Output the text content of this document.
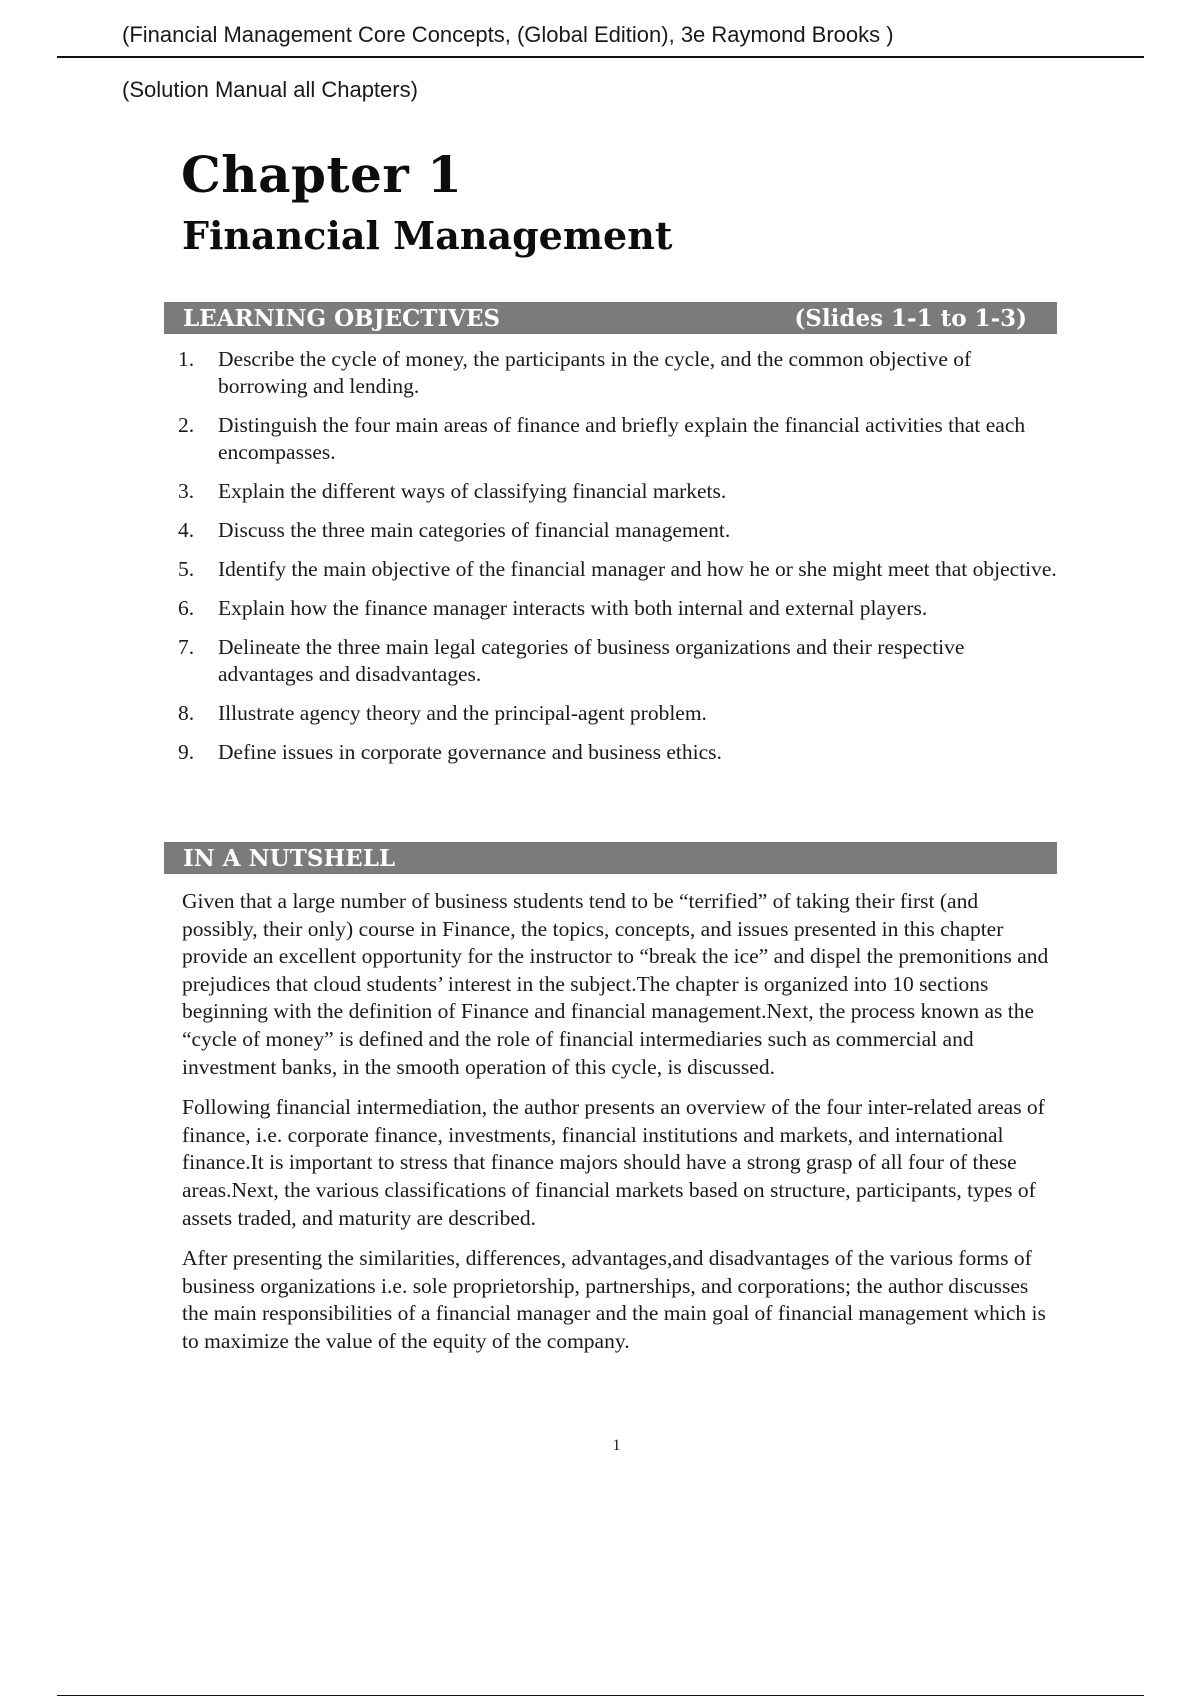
(Financial Management Core Concepts, (Global Edition), 3e Raymond Brooks )
(Solution Manual all Chapters)
Chapter 1
Financial Management
LEARNING OBJECTIVES	(Slides 1-1 to 1-3)
1.	Describe the cycle of money, the participants in the cycle, and the common objective of borrowing and lending.
2.	Distinguish the four main areas of finance and briefly explain the financial activities that each encompasses.
3.	Explain the different ways of classifying financial markets.
4.	Discuss the three main categories of financial management.
5.	Identify the main objective of the financial manager and how he or she might meet that objective.
6.	Explain how the finance manager interacts with both internal and external players.
7.	Delineate the three main legal categories of business organizations and their respective advantages and disadvantages.
8.	Illustrate agency theory and the principal-agent problem.
9.	Define issues in corporate governance and business ethics.
IN A NUTSHELL

Given that a large number of business students tend to be “terrified” of taking their first (and possibly, their only) course in Finance, the topics, concepts, and issues presented in this chapter provide an excellent opportunity for the instructor to “break the ice” and dispel the premonitions and prejudices that cloud students’ interest in the subject.The chapter is organized into 10 sections beginning with the definition of Finance and financial management.Next, the process known as the “cycle of money” is defined and the role of financial intermediaries such as commercial and investment banks, in the smooth operation of this cycle, is discussed.

Following financial intermediation, the author presents an overview of the four inter-related areas of finance, i.e. corporate finance, investments, financial institutions and markets, and international finance.It is important to stress that finance majors should have a strong grasp of all four of these areas.Next, the various classifications of financial markets based on structure, participants, types of assets traded, and maturity are described.

After presenting the similarities, differences, advantages,and disadvantages of the various forms of business organizations i.e. sole proprietorship, partnerships, and corporations; the author discusses the main responsibilities of a financial manager and the main goal of financial management which is to maximize the value of the equity of the company.

1
